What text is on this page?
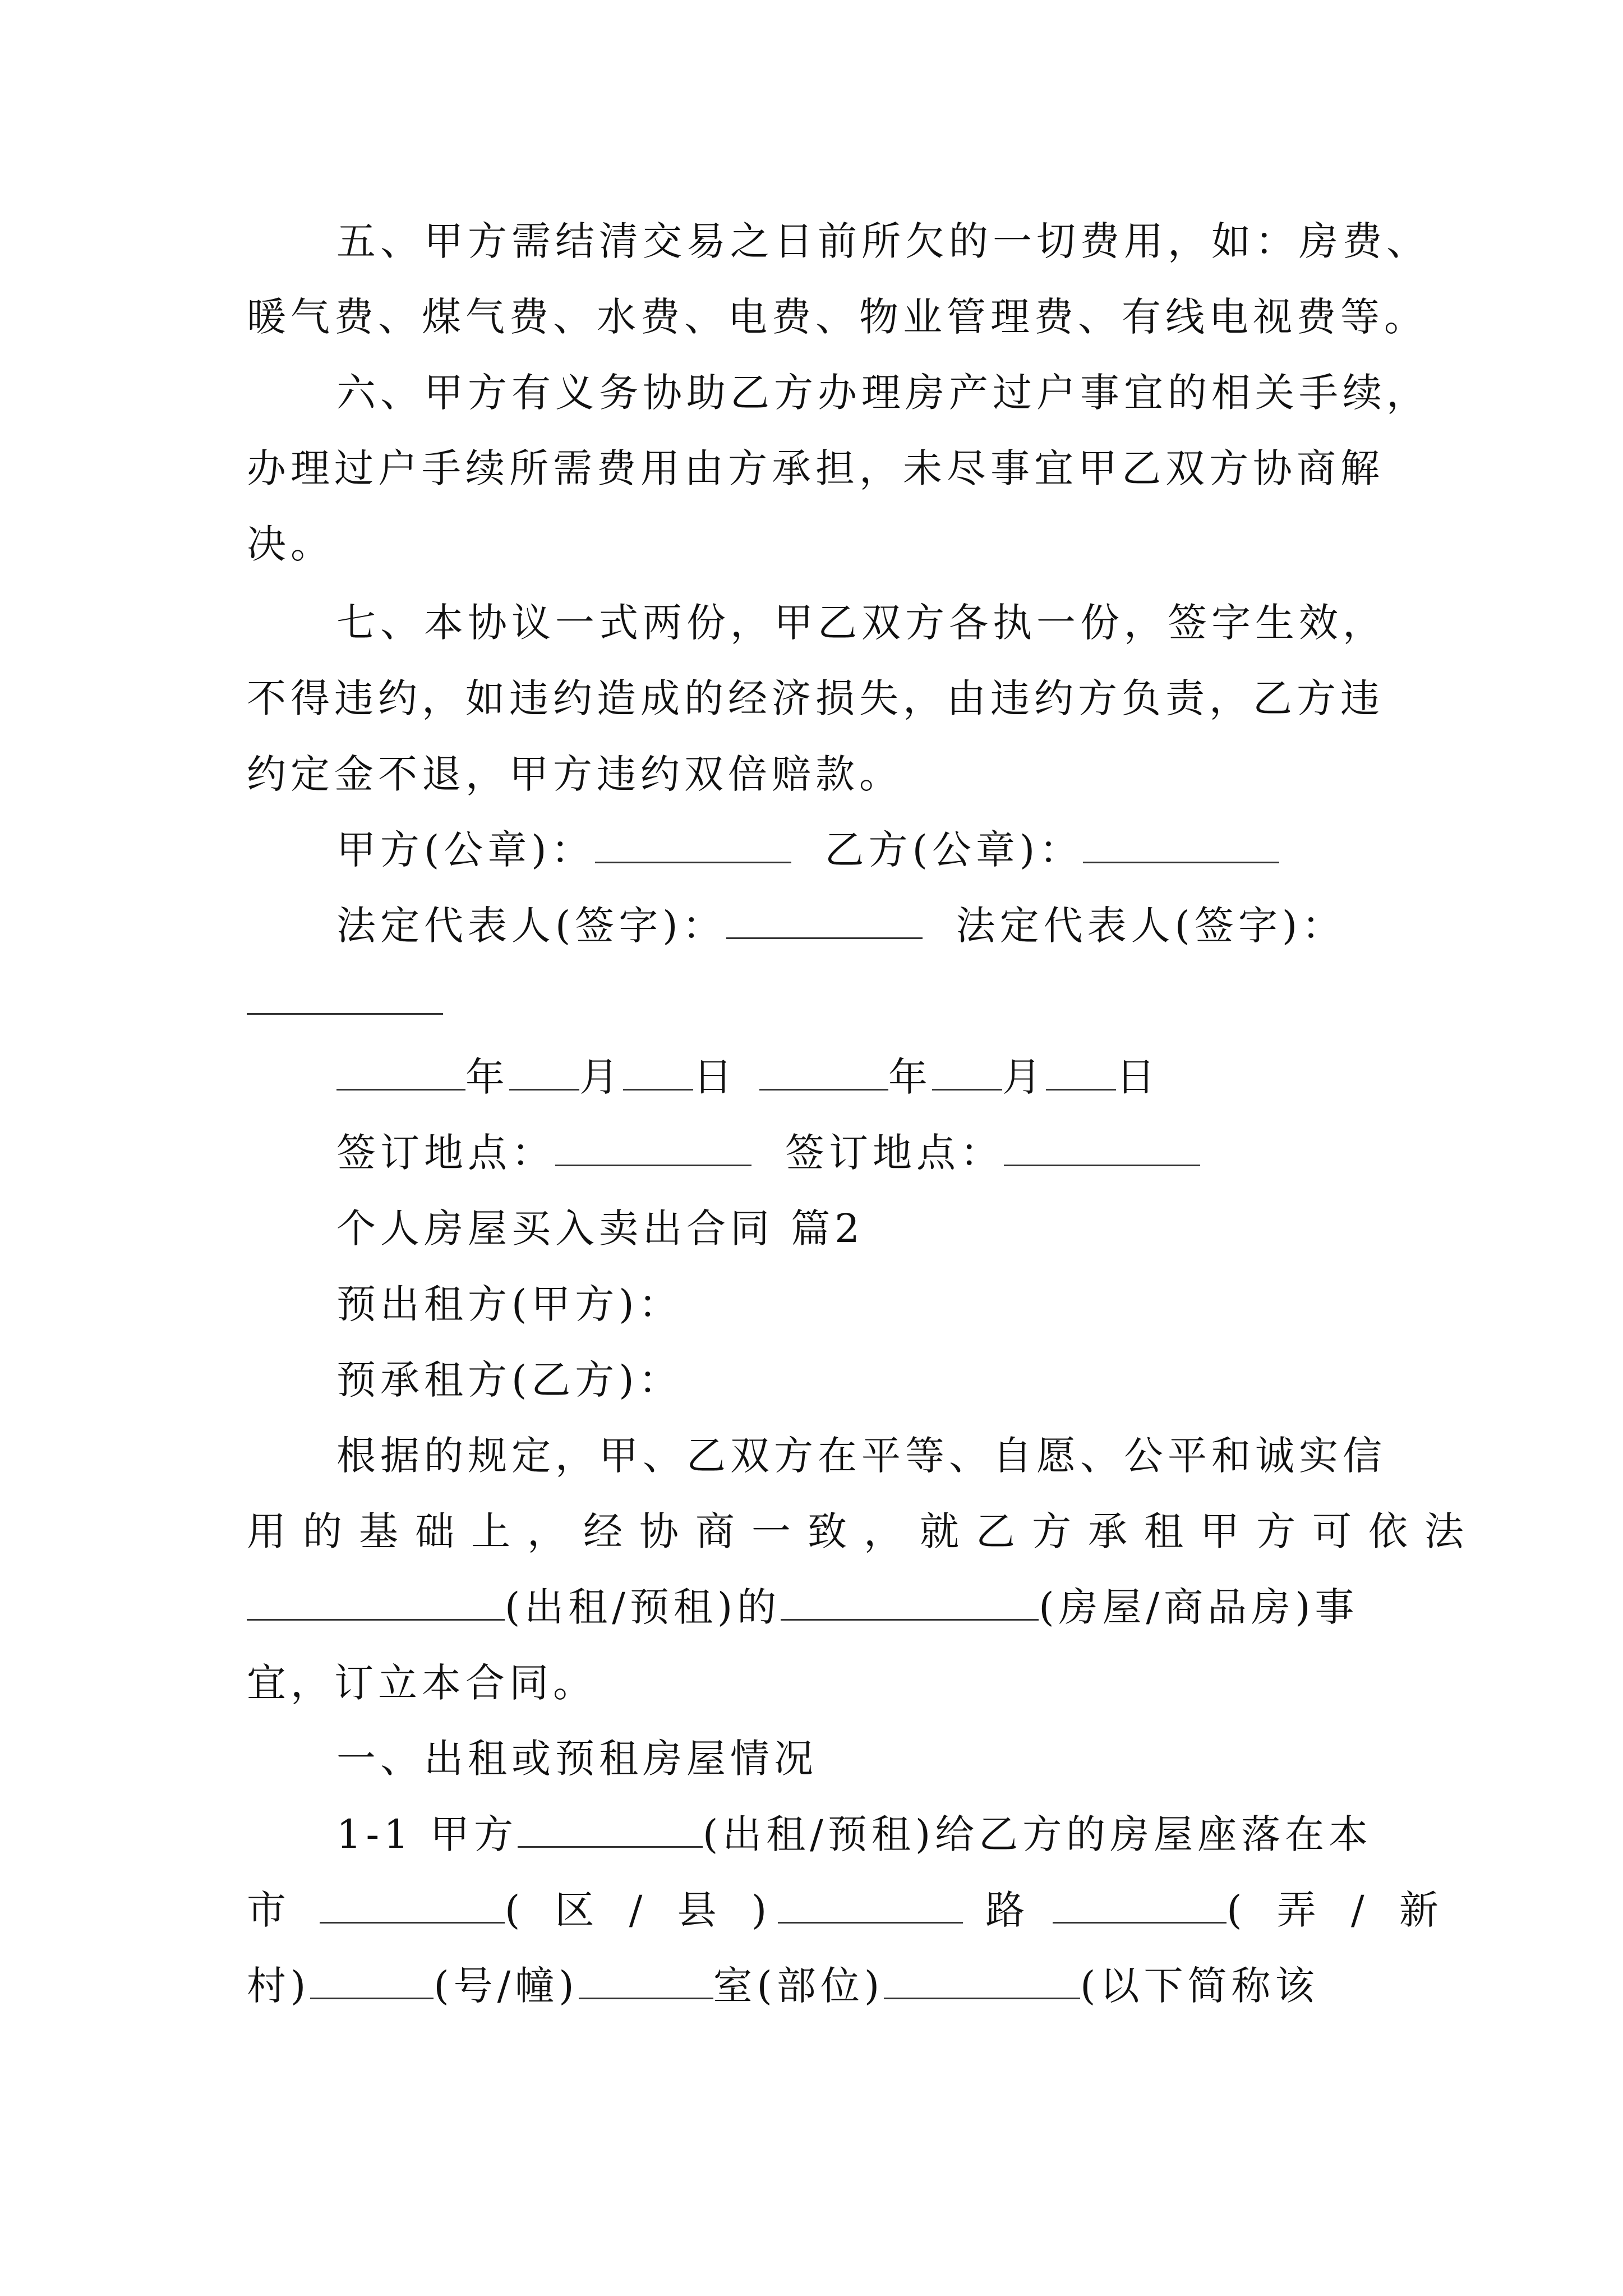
五、甲方需结清交易之日前所欠的一切费用，如：房费、
暖气费、煤气费、水费、电费、物业管理费、有线电视费等。
六、甲方有义务协助乙方办理房产过户事宜的相关手续，
办理过户手续所需费用由方承担，未尽事宜甲乙双方协商解
决。
七、本协议一式两份，甲乙双方各执一份，签字生效，
不得违约，如违约造成的经济损失，由违约方负责，乙方违
约定金不退，甲方违约双倍赔款。
甲方(公章)：	乙方(公章)：
法定代表人(签字)：	法定代表人(签字)：
年 月 日	年 月 日
签订地点：	签订地点：
个人房屋买入卖出合同 篇2
预出租方(甲方)：
预承租方(乙方)：
根据的规定，甲、乙双方在平等、自愿、公平和诚实信
用的基础上，经协商一致，就乙方承租甲方可依法
(出租/预租)的	(房屋/商品房)事
宜，订立本合同。
一、出租或预租房屋情况
1-1 甲方	(出租/预租)给乙方的房屋座落在本
市	( 区 / 县 )	路	( 弄 / 新
村)	(号/幢)	室(部位)	(以下简称该
